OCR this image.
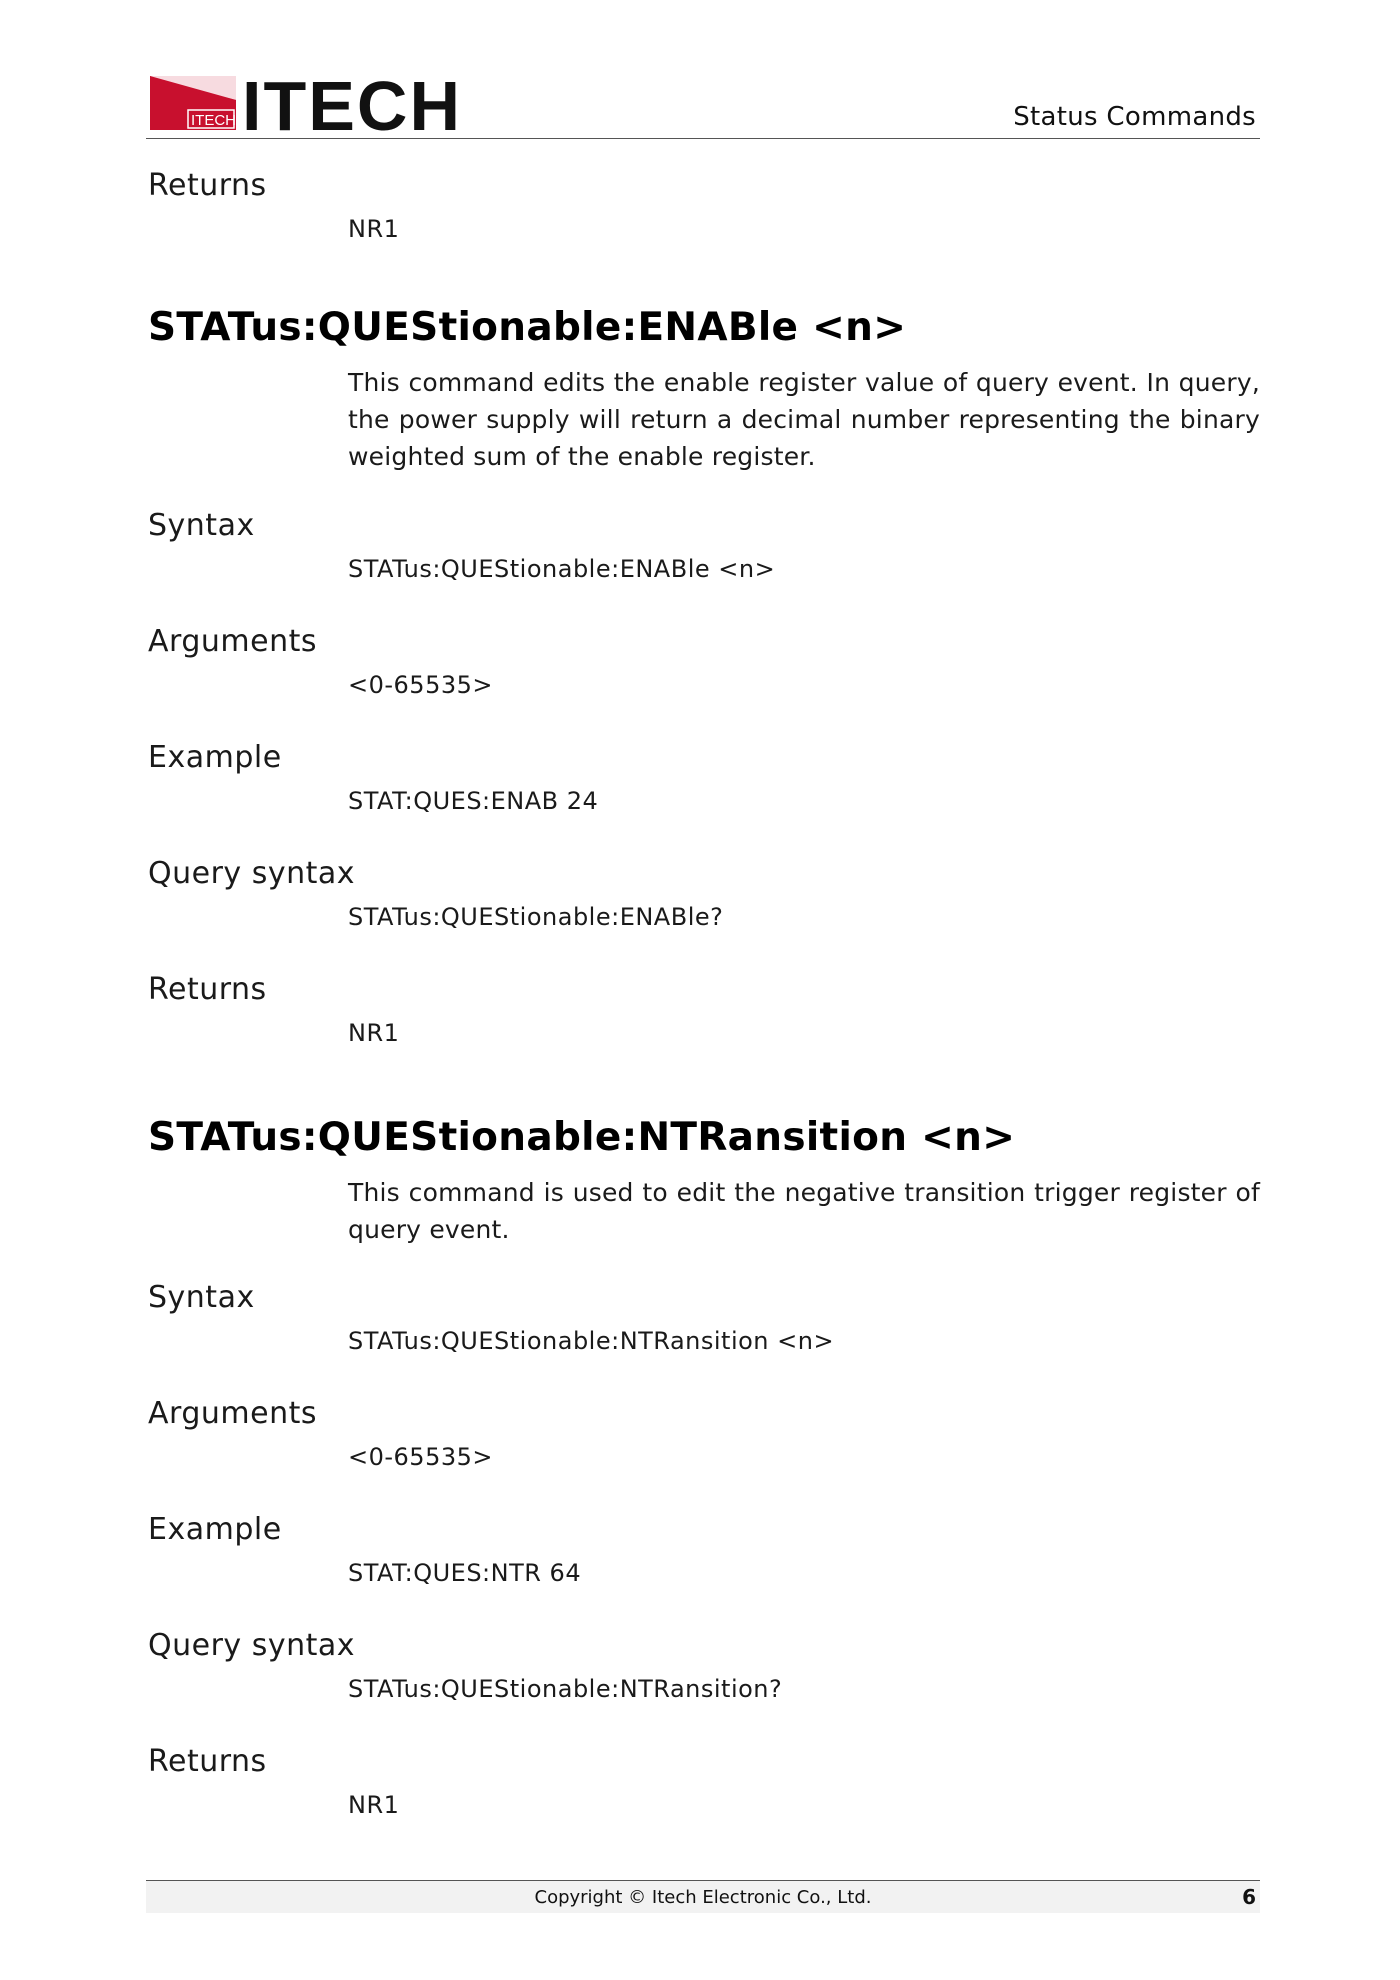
ITECH ITECH	Status Commands

Returns

NR1
STATus:QUEStionable:ENABle <n>
This command edits the enable register value of query event. In query, the power supply will return a decimal number representing the binary weighted sum of the enable register.

Syntax

STATus:QUEStionable:ENABle <n>

Arguments

<0-65535>

Example

STAT:QUES:ENAB 24

Query syntax

STATus:QUEStionable:ENABle?

Returns

NR1
STATus:QUEStionable:NTRansition <n>
This command is used to edit the negative transition trigger register of query event.

Syntax

STATus:QUEStionable:NTRansition <n>

Arguments

<0-65535>

Example

STAT:QUES:NTR 64

Query syntax

STATus:QUEStionable:NTRansition?

Returns

NR1
Copyright © Itech Electronic Co., Ltd.	6
